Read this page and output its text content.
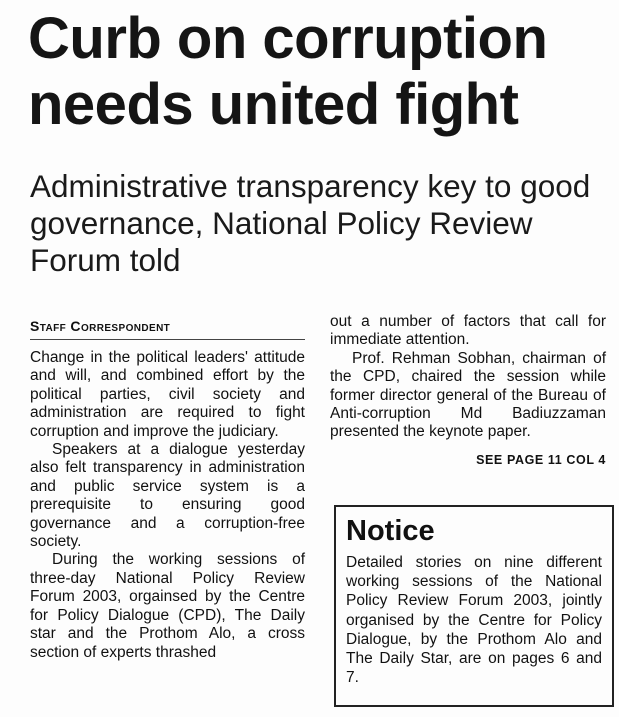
Curb on corruption needs united fight
Administrative transparency key to good governance, National Policy Review Forum told
Staff Correspondent

Change in the political leaders' attitude and will, and combined effort by the political parties, civil society and administration are required to fight corruption and improve the judiciary.

Speakers at a dialogue yesterday also felt transparency in administration and public service system is a prerequisite to ensuring good governance and a corruption-free society.

During the working sessions of three-day National Policy Review Forum 2003, orgainsed by the Centre for Policy Dialogue (CPD), The Daily star and the Prothom Alo, a cross section of experts thrashed

out a number of factors that call for immediate attention.

Prof. Rehman Sobhan, chairman of the CPD, chaired the session while former director general of the Bureau of Anti-corruption Md Badiuzzaman presented the keynote paper.

SEE PAGE 11 COL 4
Notice

Detailed stories on nine different working sessions of the National Policy Review Forum 2003, jointly organised by the Centre for Policy Dialogue, by the Prothom Alo and The Daily Star, are on pages 6 and 7.
